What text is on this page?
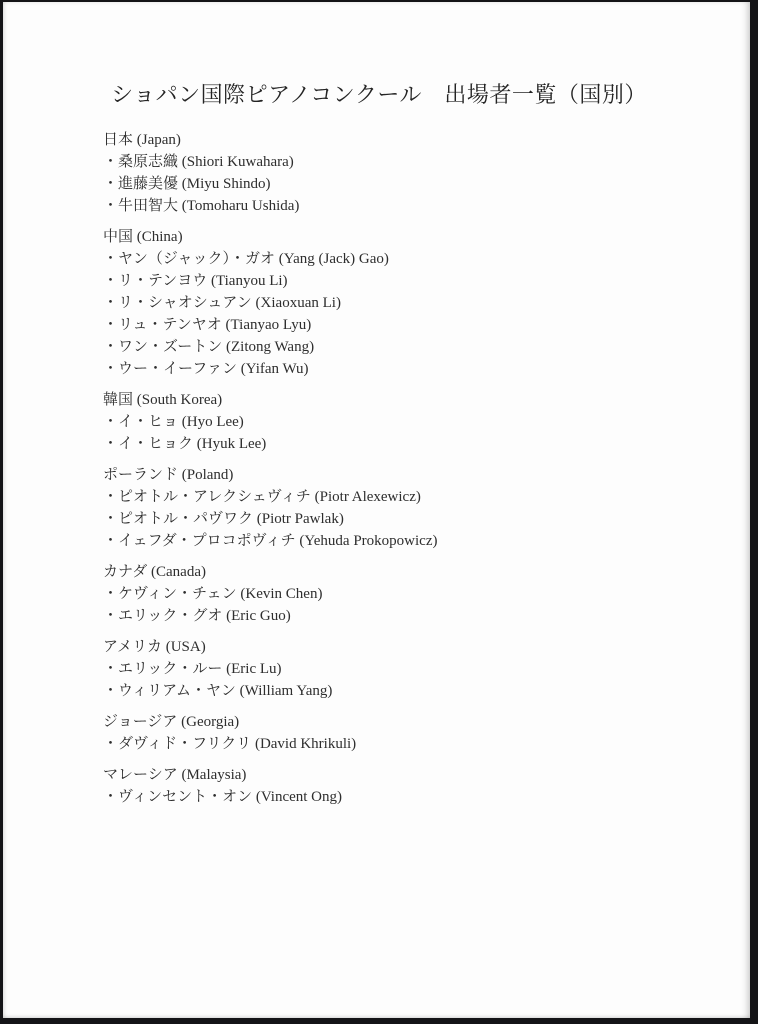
ショパン国際ピアノコンクール　出場者一覧（国別）
日本 (Japan)

・桑原志織 (Shiori Kuwahara)

・進藤美優 (Miyu Shindo)

・牛田智大 (Tomoharu Ushida)

中国 (China)

・ヤン（ジャック）・ガオ (Yang (Jack) Gao)

・リ・テンヨウ (Tianyou Li)

・リ・シャオシュアン (Xiaoxuan Li)

・リュ・テンヤオ (Tianyao Lyu)

・ワン・ズートン (Zitong Wang)

・ウー・イーファン (Yifan Wu)

韓国 (South Korea)

・イ・ヒョ (Hyo Lee)

・イ・ヒョク (Hyuk Lee)

ポーランド (Poland)

・ピオトル・アレクシェヴィチ (Piotr Alexewicz)

・ピオトル・パヴワク (Piotr Pawlak)

・イェフダ・プロコポヴィチ (Yehuda Prokopowicz)

カナダ (Canada)

・ケヴィン・チェン (Kevin Chen)

・エリック・グオ (Eric Guo)

アメリカ (USA)

・エリック・ルー (Eric Lu)

・ウィリアム・ヤン (William Yang)

ジョージア (Georgia)

・ダヴィド・フリクリ (David Khrikuli)

マレーシア (Malaysia)

・ヴィンセント・オン (Vincent Ong)
